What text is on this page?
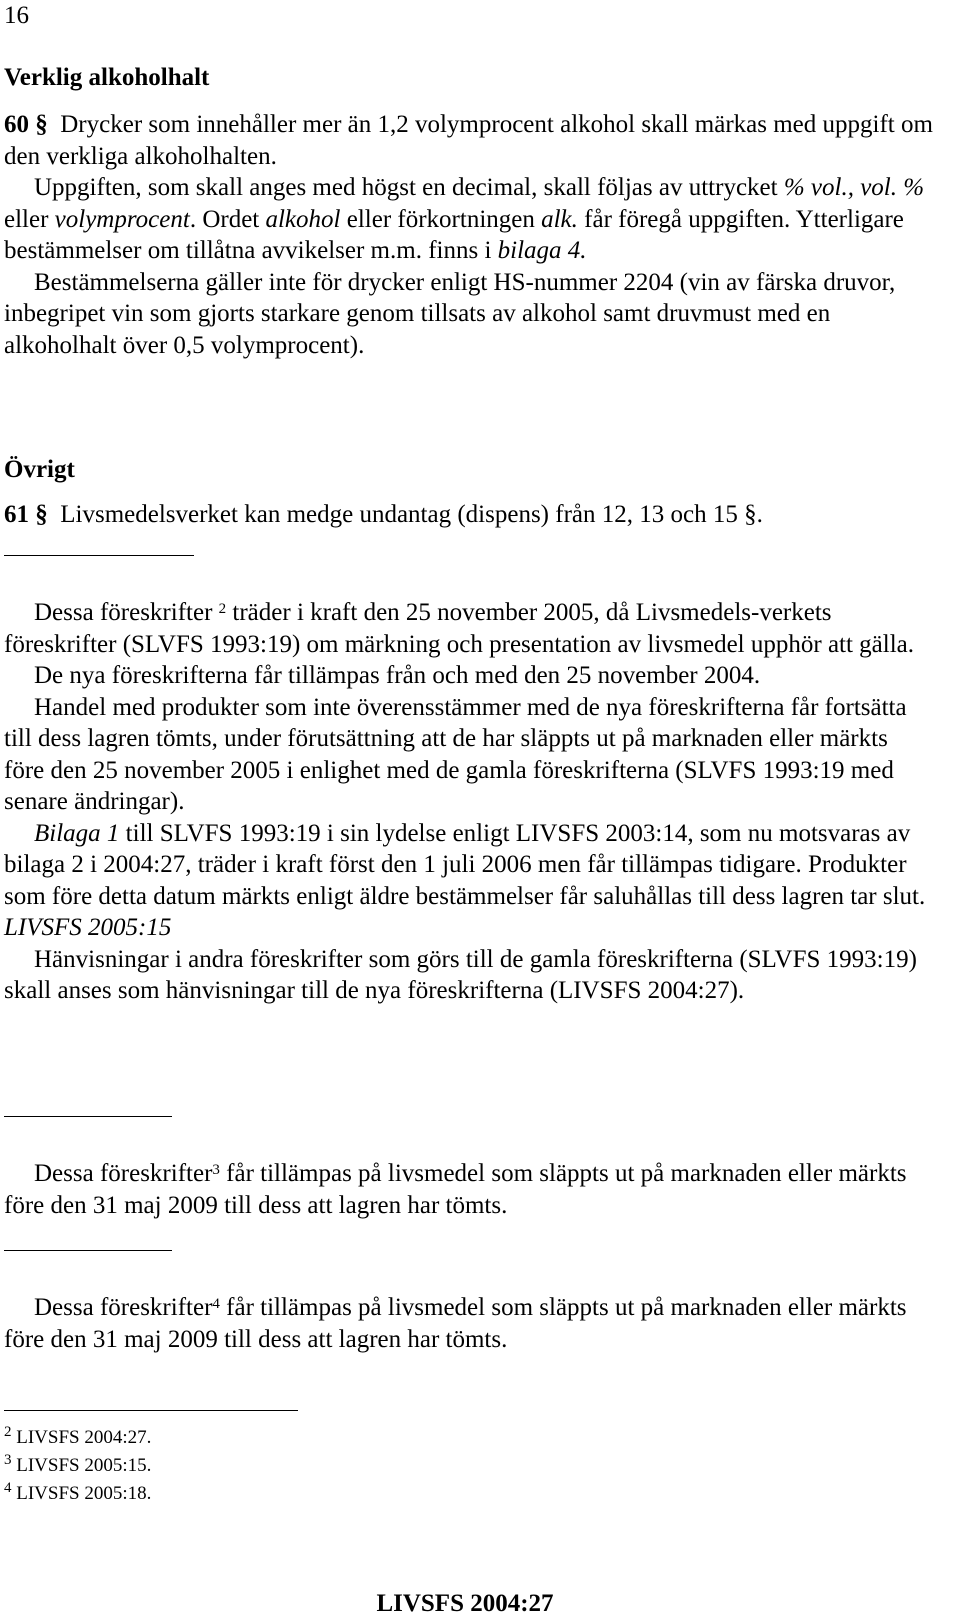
16
Verklig alkoholhalt

60 § Drycker som innehåller mer än 1,2 volymprocent alkohol skall märkas med uppgift om den verkliga alkoholhalten.

Uppgiften, som skall anges med högst en decimal, skall följas av uttrycket % vol., vol. % eller volymprocent. Ordet alkohol eller förkortningen alk. får föregå uppgiften. Ytterligare bestämmelser om tillåtna avvikelser m.m. finns i bilaga 4.

Bestämmelserna gäller inte för drycker enligt HS-nummer 2204 (vin av färska druvor, inbegripet vin som gjorts starkare genom tillsats av alkohol samt druvmust med en alkoholhalt över 0,5 volymprocent).

Övrigt

61 § Livsmedelsverket kan medge undantag (dispens) från 12, 13 och 15 §.

Dessa föreskrifter $^2$ träder i kraft den 25 november 2005, då Livsmedels-verkets föreskrifter (SLVFS 1993:19) om märkning och presentation av livsmedel upphör att gälla.

De nya föreskrifterna får tillämpas från och med den 25 november 2004.

Handel med produkter som inte överensstämmer med de nya föreskrifterna får fortsätta till dess lagren tömts, under förutsättning att de har släppts ut på marknaden eller märkts före den 25 november 2005 i enlighet med de gamla föreskrifterna (SLVFS 1993:19 med senare ändringar).

Bilaga 1 till SLVFS 1993:19 i sin lydelse enligt LIVSFS 2003:14, som nu motsvaras av bilaga 2 i 2004:27, träder i kraft först den 1 juli 2006 men får tillämpas tidigare. Produkter som före detta datum märkts enligt äldre bestämmelser får saluhållas till dess lagren tar slut. LIVSFS 2005:15

Hänvisningar i andra föreskrifter som görs till de gamla föreskrifterna (SLVFS 1993:19) skall anses som hänvisningar till de nya föreskrifterna (LIVSFS 2004:27).

Dessa föreskrifter$^3$ får tillämpas på livsmedel som släppts ut på marknaden eller märkts före den 31 maj 2009 till dess att lagren har tömts.

Dessa föreskrifter$^4$ får tillämpas på livsmedel som släppts ut på marknaden eller märkts före den 31 maj 2009 till dess att lagren har tömts.

$^2$ LIVSFS 2004:27.
$^3$ LIVSFS 2005:15.
$^4$ LIVSFS 2005:18.
LIVSFS 2004:27
